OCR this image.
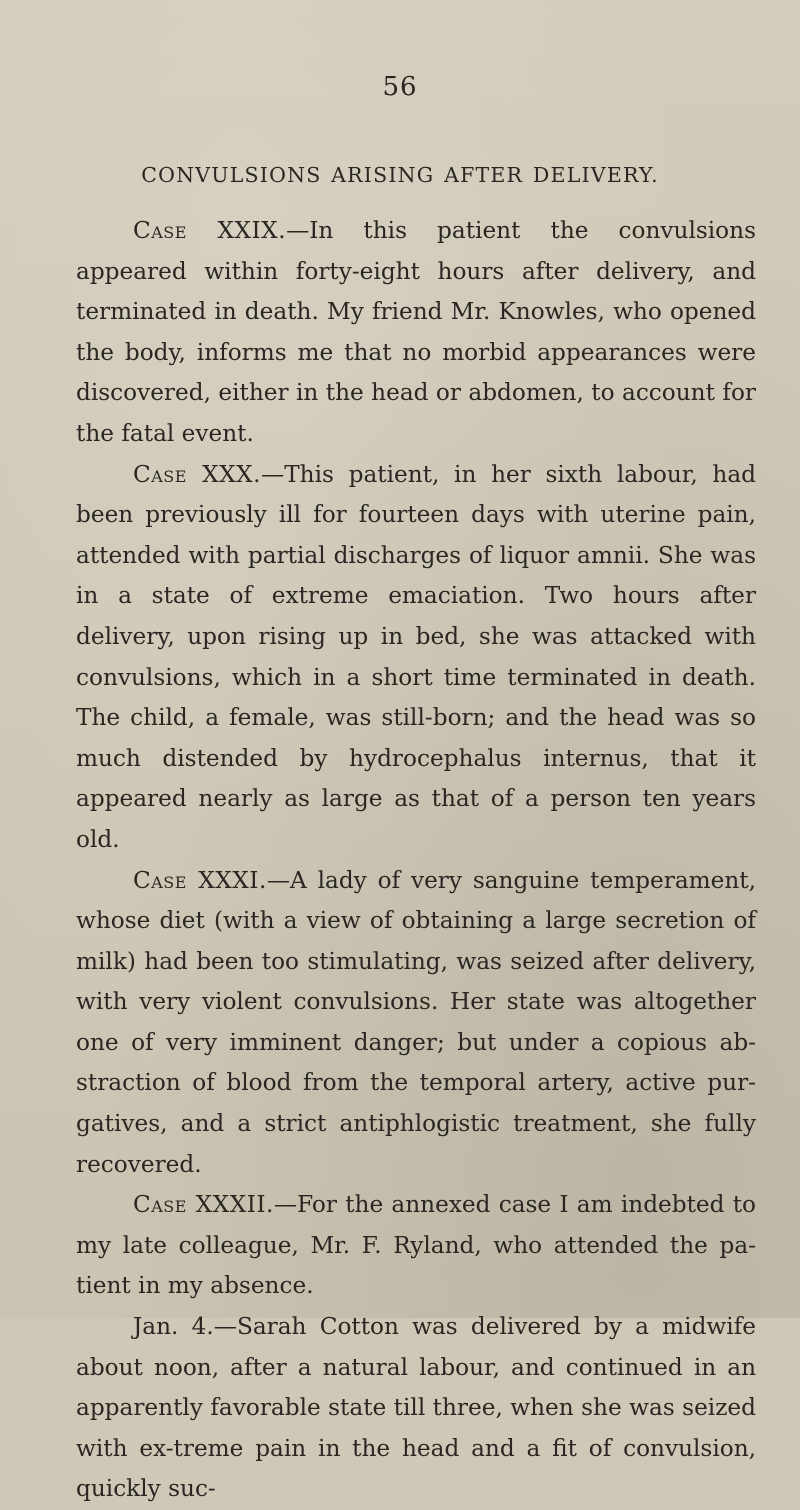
56
CONVULSIONS ARISING AFTER DELIVERY.

Case XXIX.—In this patient the convulsions appeared within forty-eight hours after delivery, and terminated in death. My friend Mr. Knowles, who opened the body, informs me that no morbid appearances were discovered, either in the head or abdomen, to account for the fatal event.

Case XXX.—This patient, in her sixth labour, had been previously ill for fourteen days with uterine pain, attended with partial discharges of liquor amnii. She was in a state of extreme emaciation. Two hours after delivery, upon rising up in bed, she was attacked with convulsions, which in a short time terminated in death. The child, a female, was still-born; and the head was so much distended by hydrocephalus internus, that it appeared nearly as large as that of a person ten years old.

Case XXXI.—A lady of very sanguine temperament, whose diet (with a view of obtaining a large secretion of milk) had been too stimulating, was seized after delivery, with very violent convulsions. Her state was altogether one of very imminent danger; but under a copious ab-straction of blood from the temporal artery, active pur-gatives, and a strict antiphlogistic treatment, she fully recovered.

Case XXXII.—For the annexed case I am indebted to my late colleague, Mr. F. Ryland, who attended the pa-tient in my absence.

Jan. 4.—Sarah Cotton was delivered by a midwife about noon, after a natural labour, and continued in an apparently favorable state till three, when she was seized with ex-treme pain in the head and a fit of convulsion, quickly suc-
